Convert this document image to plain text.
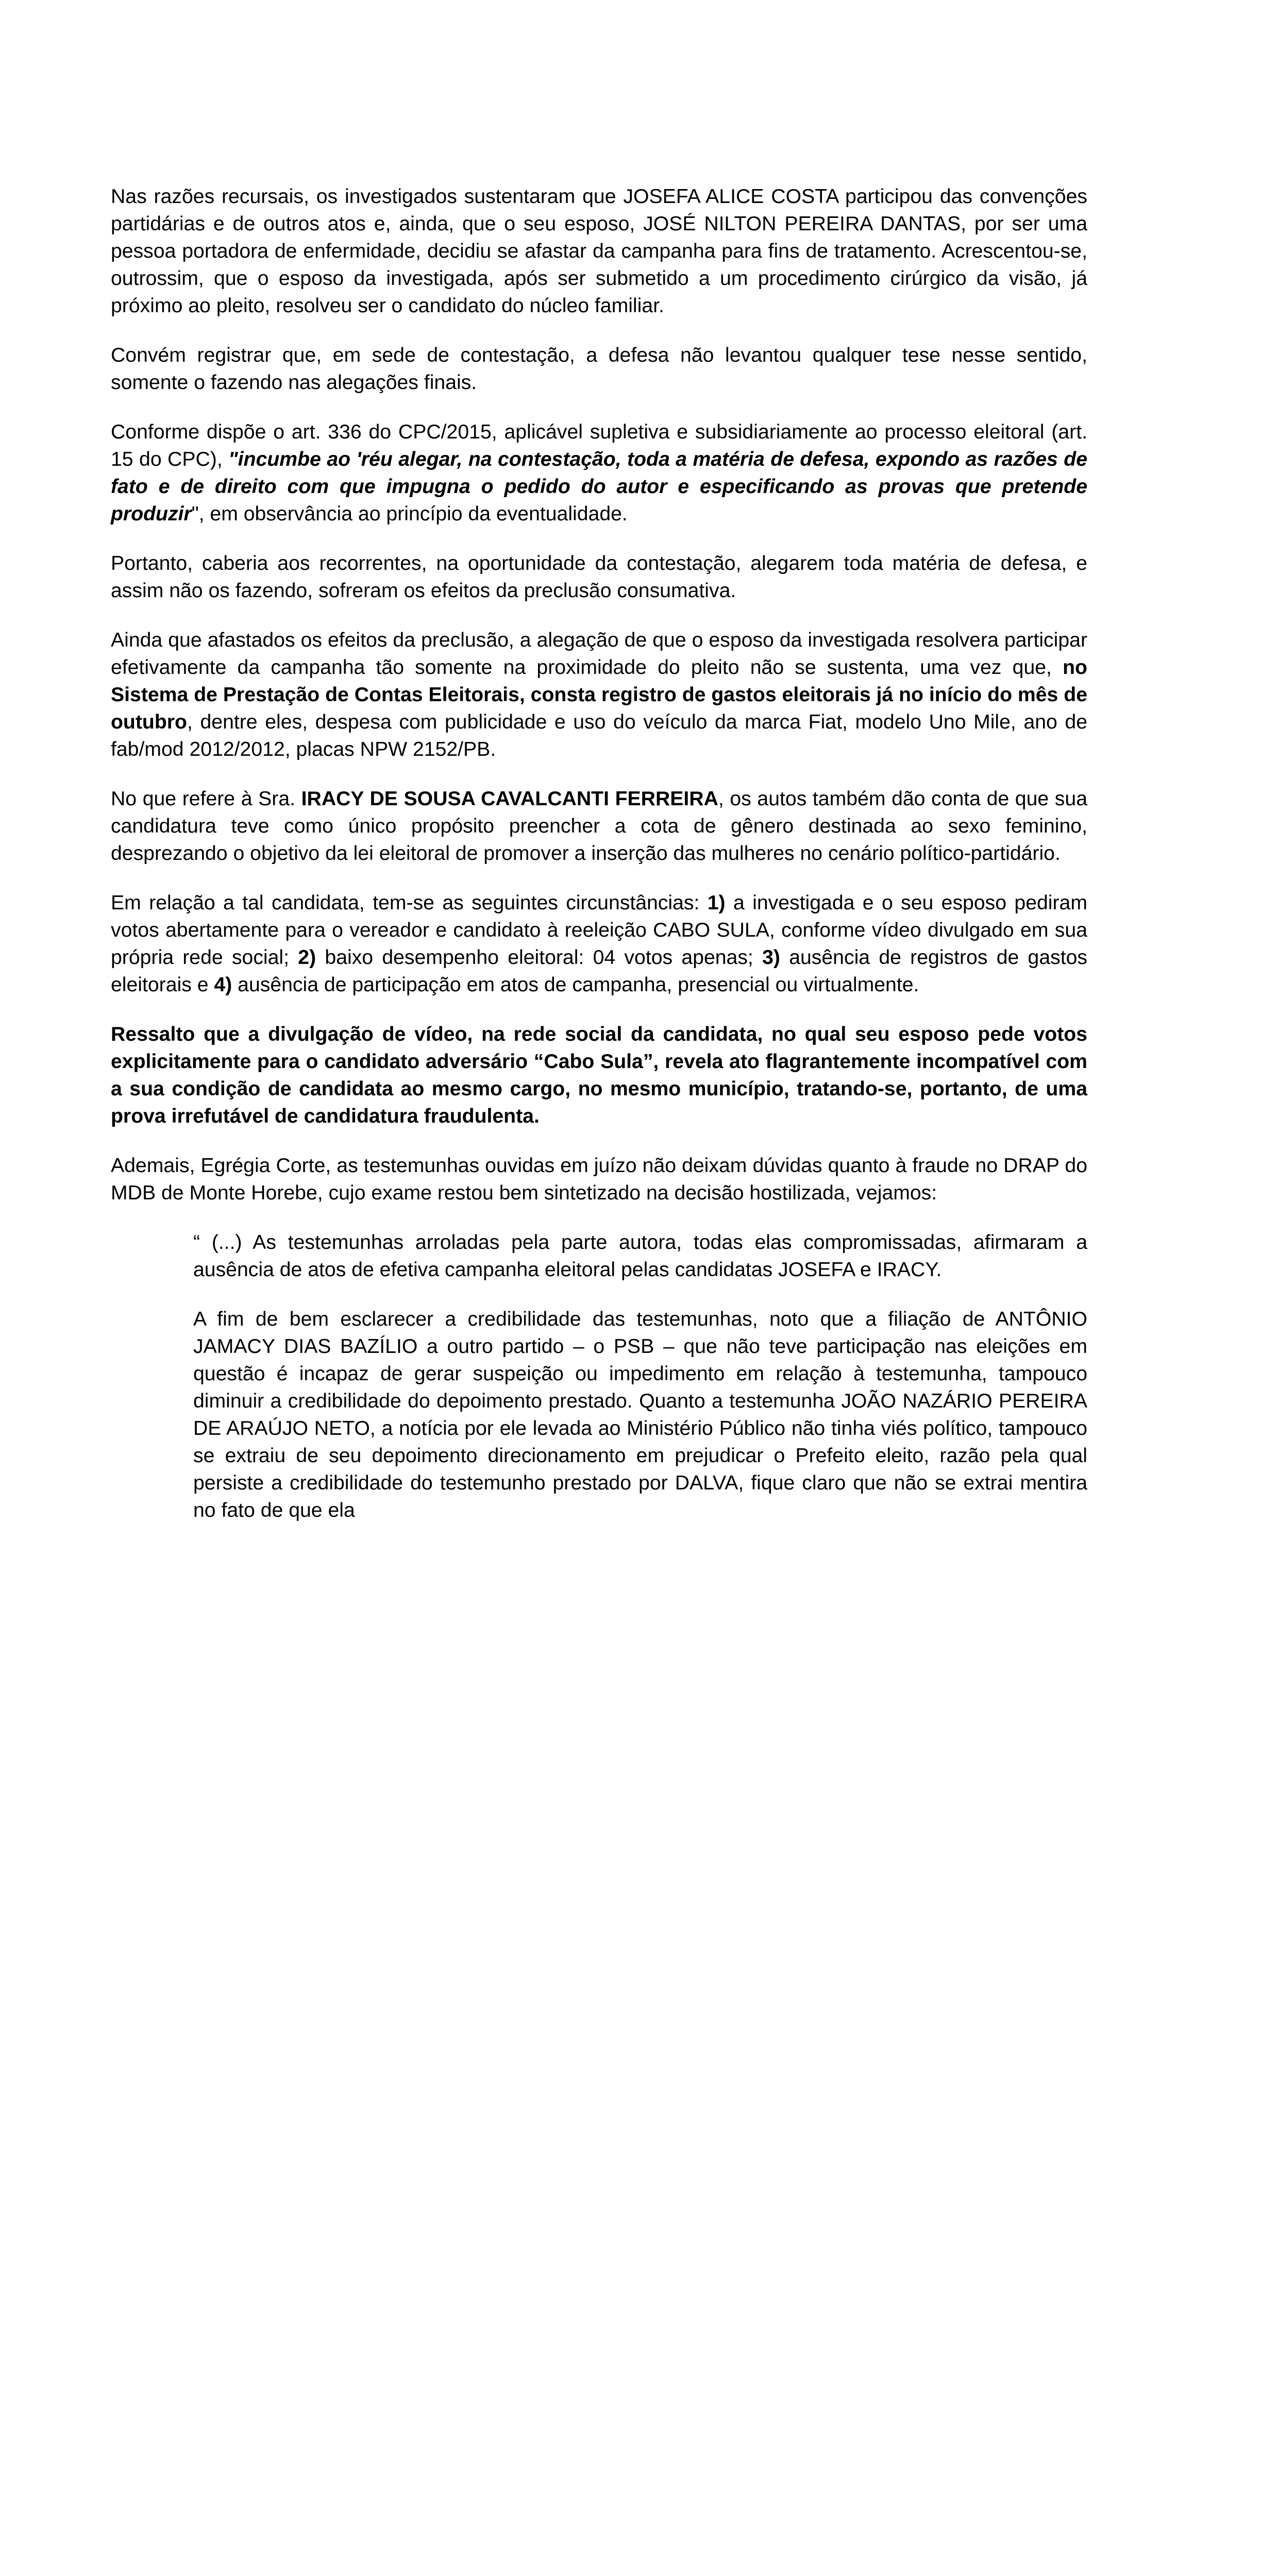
Nas razões recursais, os investigados sustentaram que JOSEFA ALICE COSTA participou das convenções partidárias e de outros atos e, ainda, que o seu esposo, JOSÉ NILTON PEREIRA DANTAS, por ser uma pessoa portadora de enfermidade, decidiu se afastar da campanha para fins de tratamento. Acrescentou-se, outrossim, que o esposo da investigada, após ser submetido a um procedimento cirúrgico da visão, já próximo ao pleito, resolveu ser o candidato do núcleo familiar.

Convém registrar que, em sede de contestação, a defesa não levantou qualquer tese nesse sentido, somente o fazendo nas alegações finais.

Conforme dispõe o art. 336 do CPC/2015, aplicável supletiva e subsidiariamente ao processo eleitoral (art. 15 do CPC), "incumbe ao 'réu alegar, na contestação, toda a matéria de defesa, expondo as razões de fato e de direito com que impugna o pedido do autor e especificando as provas que pretende produzir", em observância ao princípio da eventualidade.

Portanto, caberia aos recorrentes, na oportunidade da contestação, alegarem toda matéria de defesa, e assim não os fazendo, sofreram os efeitos da preclusão consumativa.

Ainda que afastados os efeitos da preclusão, a alegação de que o esposo da investigada resolvera participar efetivamente da campanha tão somente na proximidade do pleito não se sustenta, uma vez que, no Sistema de Prestação de Contas Eleitorais, consta registro de gastos eleitorais já no início do mês de outubro, dentre eles, despesa com publicidade e uso do veículo da marca Fiat, modelo Uno Mile, ano de fab/mod 2012/2012, placas NPW 2152/PB.

No que refere à Sra. IRACY DE SOUSA CAVALCANTI FERREIRA, os autos também dão conta de que sua candidatura teve como único propósito preencher a cota de gênero destinada ao sexo feminino, desprezando o objetivo da lei eleitoral de promover a inserção das mulheres no cenário político-partidário.

Em relação a tal candidata, tem-se as seguintes circunstâncias: 1) a investigada e o seu esposo pediram votos abertamente para o vereador e candidato à reeleição CABO SULA, conforme vídeo divulgado em sua própria rede social; 2) baixo desempenho eleitoral: 04 votos apenas; 3) ausência de registros de gastos eleitorais e 4) ausência de participação em atos de campanha, presencial ou virtualmente.

Ressalto que a divulgação de vídeo, na rede social da candidata, no qual seu esposo pede votos explicitamente para o candidato adversário “Cabo Sula”, revela ato flagrantemente incompatível com a sua condição de candidata ao mesmo cargo, no mesmo município, tratando-se, portanto, de uma prova irrefutável de candidatura fraudulenta.

Ademais, Egrégia Corte, as testemunhas ouvidas em juízo não deixam dúvidas quanto à fraude no DRAP do MDB de Monte Horebe, cujo exame restou bem sintetizado na decisão hostilizada, vejamos:

“ (...) As testemunhas arroladas pela parte autora, todas elas compromissadas, afirmaram a ausência de atos de efetiva campanha eleitoral pelas candidatas JOSEFA e IRACY.

A fim de bem esclarecer a credibilidade das testemunhas, noto que a filiação de ANTÔNIO JAMACY DIAS BAZÍLIO a outro partido – o PSB – que não teve participação nas eleições em questão é incapaz de gerar suspeição ou impedimento em relação à testemunha, tampouco diminuir a credibilidade do depoimento prestado. Quanto a testemunha JOÃO NAZÁRIO PEREIRA DE ARAÚJO NETO, a notícia por ele levada ao Ministério Público não tinha viés político, tampouco se extraiu de seu depoimento direcionamento em prejudicar o Prefeito eleito, razão pela qual persiste a credibilidade do testemunho prestado por DALVA, fique claro que não se extrai mentira no fato de que ela
